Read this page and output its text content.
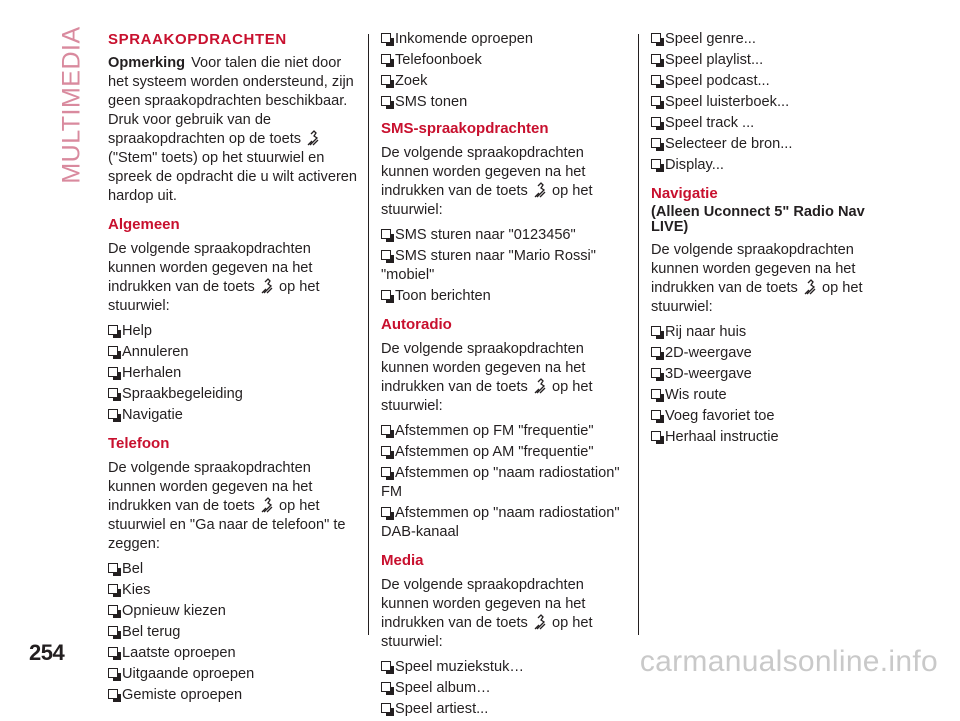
MULTIMEDIA SPRAAKOPDRACHTEN

Opmerking Voor talen die niet door het systeem worden ondersteund, zijn geen spraakopdrachten beschikbaar. Druk voor gebruik van de spraakopdrachten op de toets  ("Stem" toets) op het stuurwiel en spreek de opdracht die u wilt activeren hardop uit.

Algemeen

De volgende spraakopdrachten kunnen worden gegeven na het indrukken van de toets op het stuurwiel:

Help
Annuleren
Herhalen
Spraakbegeleiding
Navigatie
Telefoon

De volgende spraakopdrachten kunnen worden gegeven na het indrukken van de toets op het stuurwiel en "Ga naar de telefoon" te zeggen:

Bel
Kies
Opnieuw kiezen
Bel terug
Laatste oproepen
Uitgaande oproepen
Gemiste oproepen
Inkomende oproepen
Telefoonboek
Zoek
SMS tonen
SMS-spraakopdrachten

De volgende spraakopdrachten kunnen worden gegeven na het indrukken van de toets op het stuurwiel:

SMS sturen naar "0123456"
SMS sturen naar "Mario Rossi" "mobiel"
Toon berichten
Autoradio

De volgende spraakopdrachten kunnen worden gegeven na het indrukken van de toets op het stuurwiel:

Afstemmen op FM "frequentie"
Afstemmen op AM "frequentie"
Afstemmen op "naam radiostation" FM
Afstemmen op "naam radiostation" DAB-kanaal
Media

De volgende spraakopdrachten kunnen worden gegeven na het indrukken van de toets op het stuurwiel:

Speel muziekstuk…
Speel album…
Speel artiest...
Speel genre...
Speel playlist...
Speel podcast...
Speel luisterboek...
Speel track ...
Selecteer de bron...
Display...
Navigatie
(Alleen Uconnect 5" Radio Nav LIVE)

De volgende spraakopdrachten kunnen worden gegeven na het indrukken van de toets op het stuurwiel:

Rij naar huis
2D-weergave
3D-weergave
Wis route
Voeg favoriet toe
Herhaal instructie
254	carmanualsonline.info
